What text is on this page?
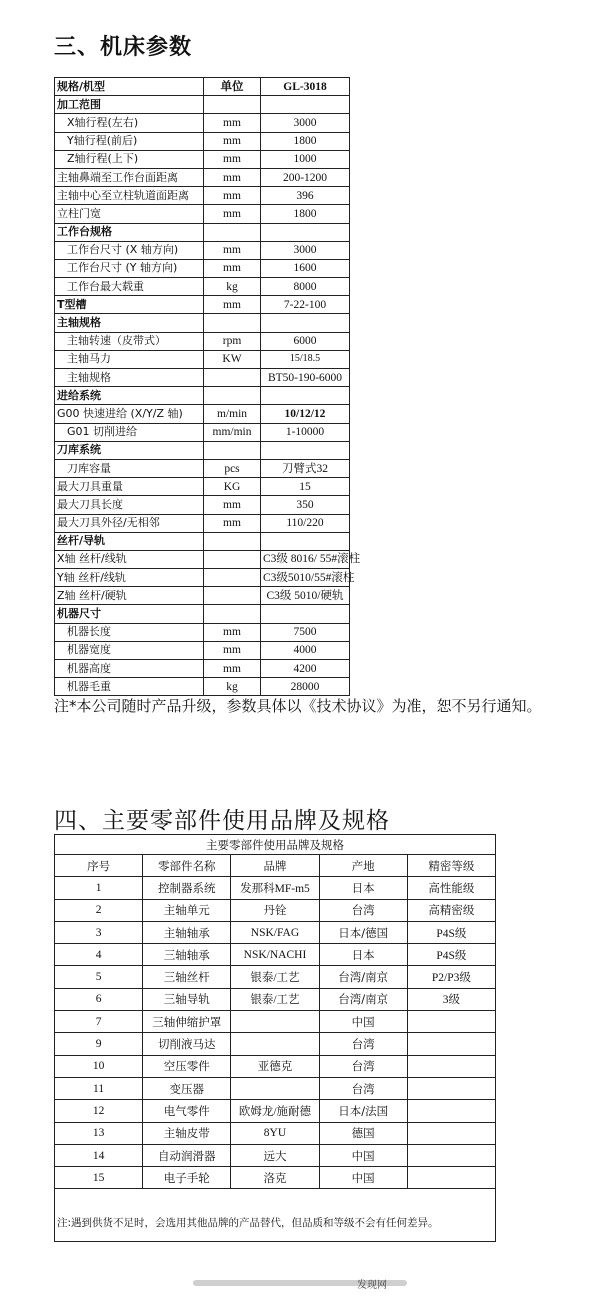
三、机床参数
规格/机型	单位	GL-3018
加工范围		
X轴行程(左右)	mm	3000
Y轴行程(前后)	mm	1800
Z轴行程(上下)	mm	1000
主轴鼻端至工作台面距离	mm	200-1200
主轴中心至立柱轨道面距离	mm	396
立柱门宽	mm	1800
工作台规格		
工作台尺寸 (X 轴方向)	mm	3000
工作台尺寸 (Y 轴方向)	mm	1600
工作台最大载重	kg	8000
T型槽	mm	7-22-100
主轴规格		
主轴转速（皮带式）	rpm	6000
主轴马力	KW	15/18.5
主轴规格		BT50-190-6000
进给系统		
G00 快速进给 (X/Y/Z 轴)	m/min	10/12/12
G01 切削进给	mm/min	1-10000
刀库系统		
刀库容量	pcs	刀臂式32
最大刀具重量	KG	15
最大刀具长度	mm	350
最大刀具外径/无相邻	mm	110/220
丝杆/导轨		
X轴 丝杆/线轨		C3级 8016/ 55#滚柱
Y轴 丝杆/线轨		C3级5010/55#滚柱
Z轴 丝杆/硬轨		C3级 5010/硬轨
机器尺寸		
机器长度	mm	7500
机器宽度	mm	4000
机器高度	mm	4200
机器毛重	kg	28000

注*本公司随时产品升级，参数具体以《技术协议》为准，恕不另行通知。

四、主要零部件使用品牌及规格
主要零部件使用品牌及规格				
序号	零部件名称	品牌	产地	精密等级
1	控制器系统	发那科MF-m5	日本	高性能级
2	主轴单元	丹铨	台湾	高精密级
3	主轴轴承	NSK/FAG	日本/德国	P4S级
4	三轴轴承	NSK/NACHI	日本	P4S级
5	三轴丝杆	银泰/工艺	台湾/南京	P2/P3级
6	三轴导轨	银泰/工艺	台湾/南京	3级
7	三轴伸缩护罩		中国	
9	切削液马达		台湾	
10	空压零件	亚德克	台湾	
11	变压器		台湾	
12	电气零件	欧姆龙/施耐德	日本/法国	
13	主轴皮带	8YU	德国	
14	自动润滑器	远大	中国	
15	电子手轮	洛克	中国	

注:遇到供货不足时，会选用其他品牌的产品替代，但品质和等级不会有任何差异。				
发现网
